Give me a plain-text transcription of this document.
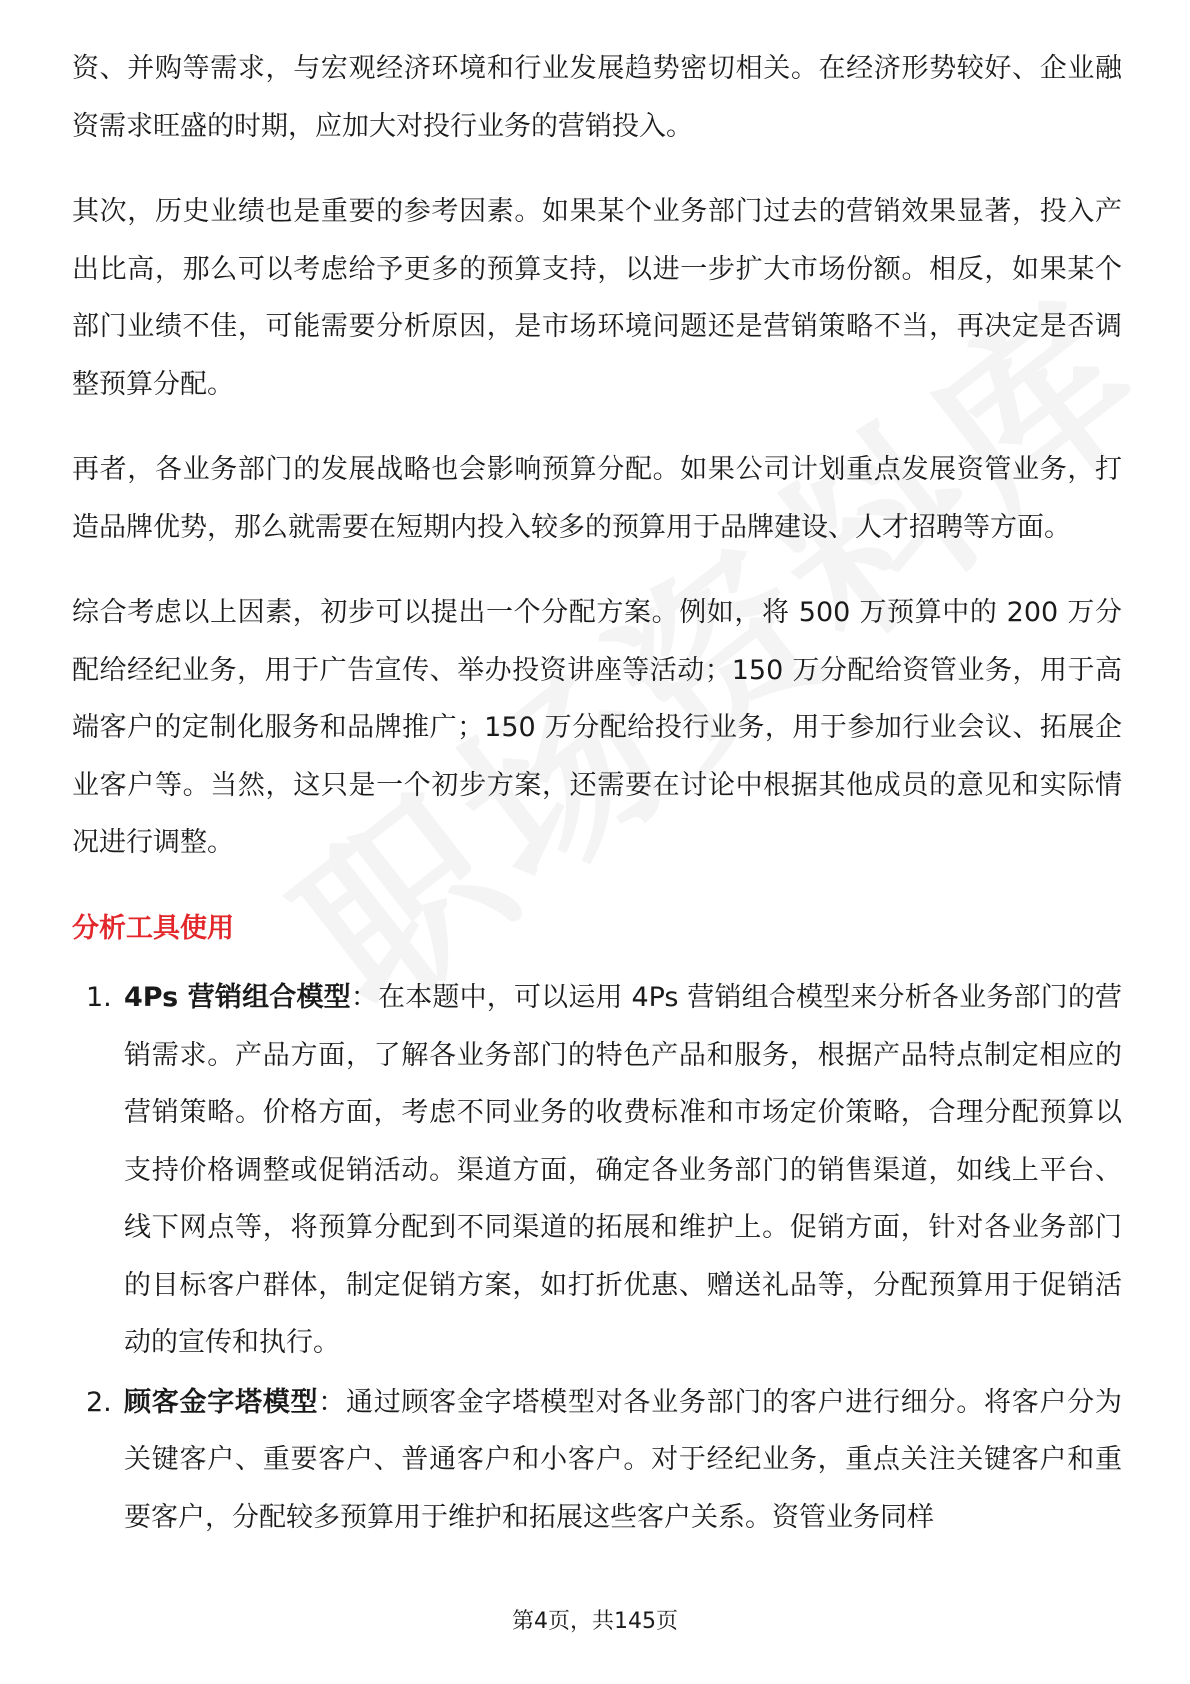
资、并购等需求，与宏观经济环境和行业发展趋势密切相关。在经济形势较好、企业融资需求旺盛的时期，应加大对投行业务的营销投入。

其次，历史业绩也是重要的参考因素。如果某个业务部门过去的营销效果显著，投入产出比高，那么可以考虑给予更多的预算支持，以进一步扩大市场份额。相反，如果某个部门业绩不佳，可能需要分析原因，是市场环境问题还是营销策略不当，再决定是否调整预算分配。

再者，各业务部门的发展战略也会影响预算分配。如果公司计划重点发展资管业务，打造品牌优势，那么就需要在短期内投入较多的预算用于品牌建设、人才招聘等方面。

综合考虑以上因素，初步可以提出一个分配方案。例如，将 500 万预算中的 200 万分配给经纪业务，用于广告宣传、举办投资讲座等活动；150 万分配给资管业务，用于高端客户的定制化服务和品牌推广；150 万分配给投行业务，用于参加行业会议、拓展企业客户等。当然，这只是一个初步方案，还需要在讨论中根据其他成员的意见和实际情况进行调整。

分析工具使用
1. 4Ps 营销组合模型：在本题中，可以运用 4Ps 营销组合模型来分析各业务部门的营销需求。产品方面，了解各业务部门的特色产品和服务，根据产品特点制定相应的营销策略。价格方面，考虑不同业务的收费标准和市场定价策略，合理分配预算以支持价格调整或促销活动。渠道方面，确定各业务部门的销售渠道，如线上平台、线下网点等，将预算分配到不同渠道的拓展和维护上。促销方面，针对各业务部门的目标客户群体，制定促销方案，如打折优惠、赠送礼品等，分配预算用于促销活动的宣传和执行。
2. 顾客金字塔模型：通过顾客金字塔模型对各业务部门的客户进行细分。将客户分为关键客户、重要客户、普通客户和小客户。对于经纪业务，重点关注关键客户和重要客户，分配较多预算用于维护和拓展这些客户关系。资管业务同样
第4页，共145页
